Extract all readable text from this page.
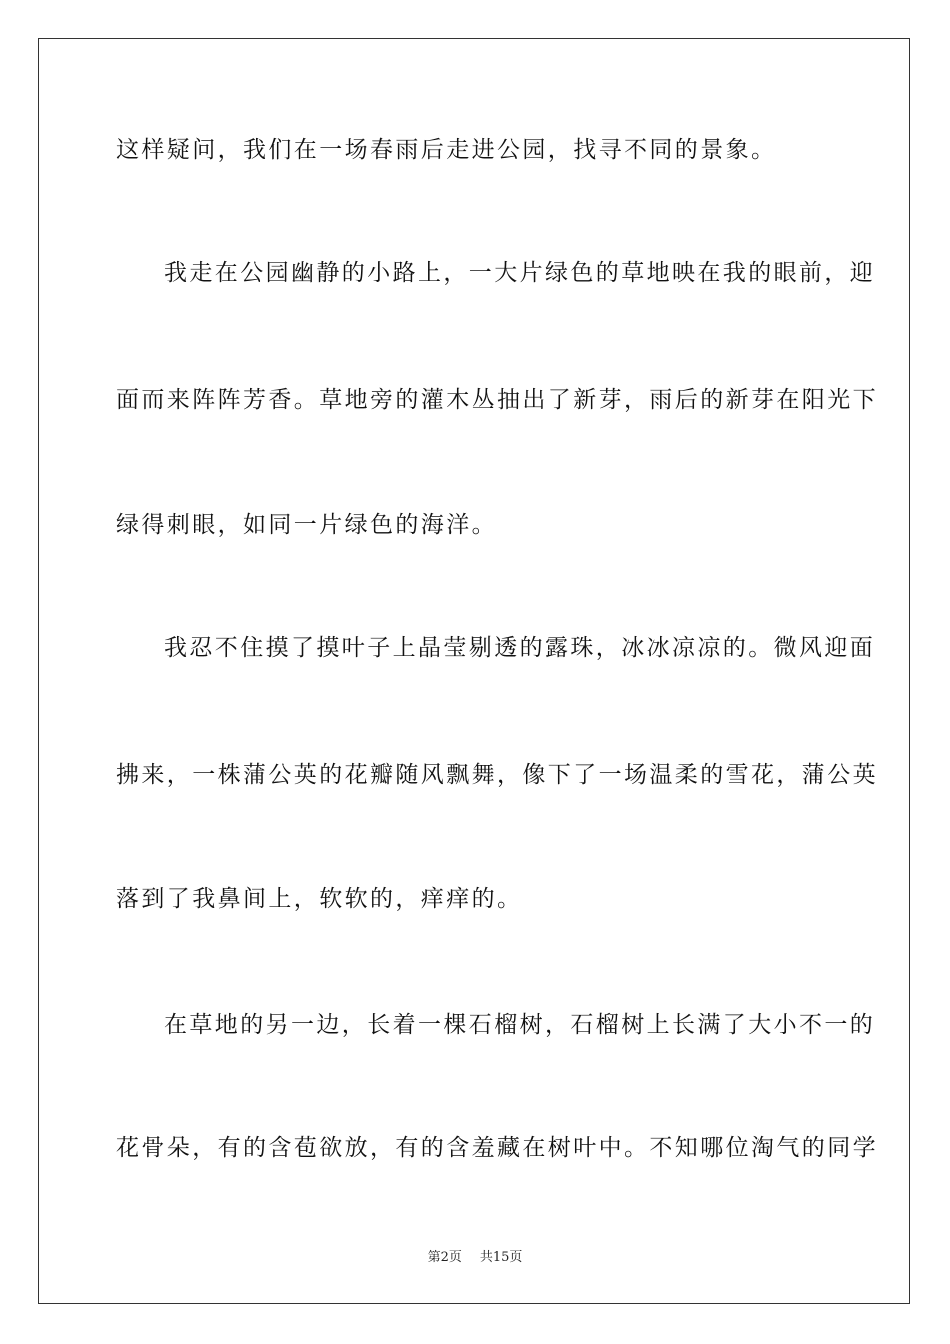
这样疑问，我们在一场春雨后走进公园，找寻不同的景象。
我走在公园幽静的小路上，一大片绿色的草地映在我的眼前，迎
面而来阵阵芳香。草地旁的灌木丛抽出了新芽，雨后的新芽在阳光下
绿得刺眼，如同一片绿色的海洋。
我忍不住摸了摸叶子上晶莹剔透的露珠，冰冰凉凉的。微风迎面
拂来，一株蒲公英的花瓣随风飘舞，像下了一场温柔的雪花，蒲公英
落到了我鼻间上，软软的，痒痒的。
在草地的另一边，长着一棵石榴树，石榴树上长满了大小不一的
花骨朵，有的含苞欲放，有的含羞藏在树叶中。不知哪位淘气的同学
第2页 共15页
